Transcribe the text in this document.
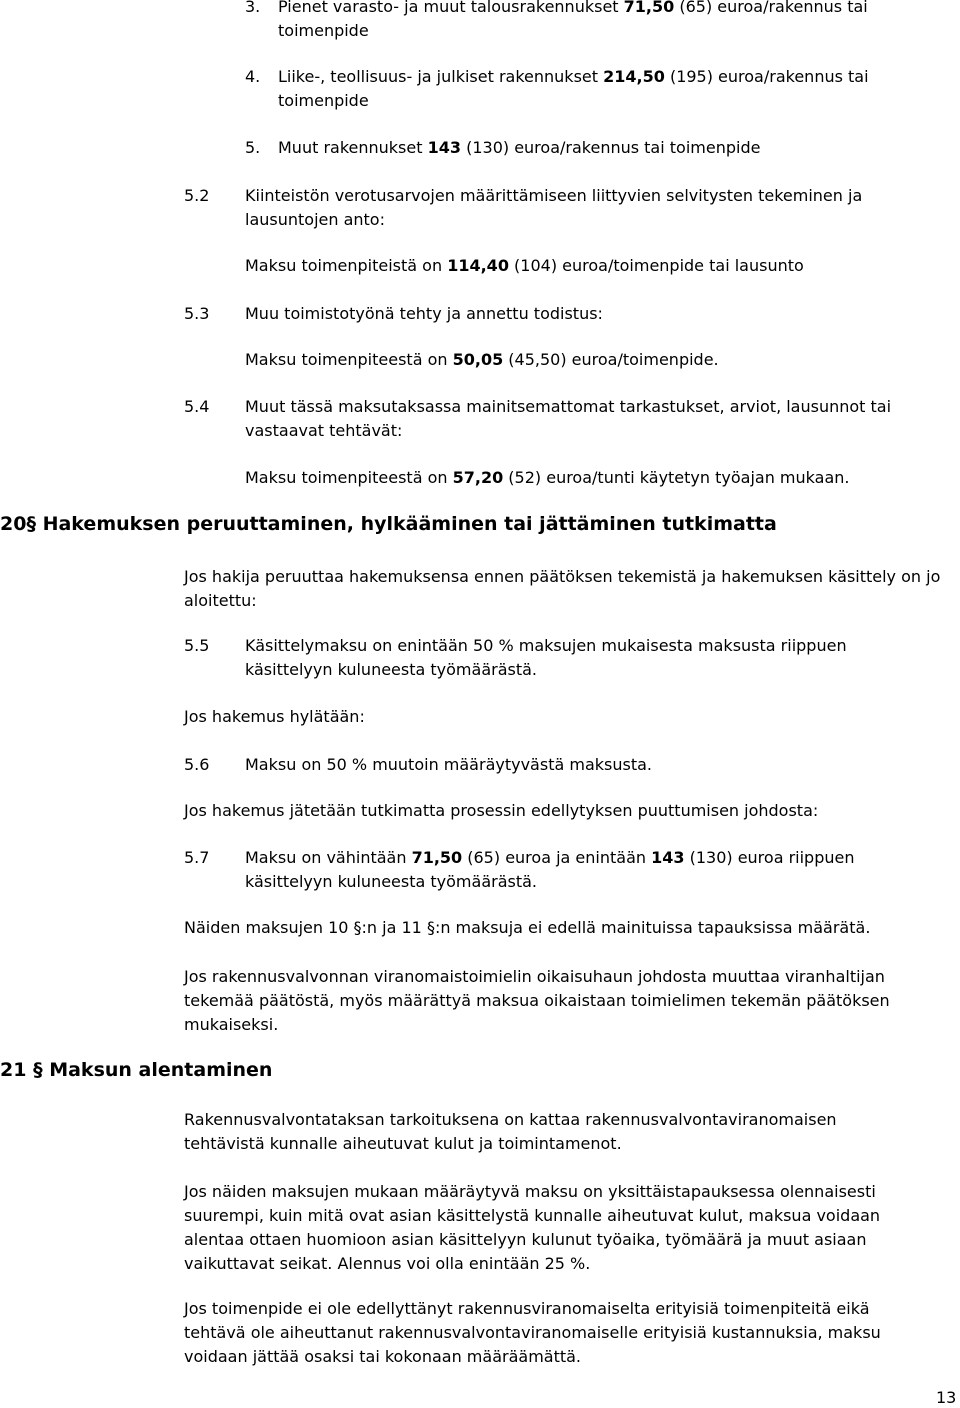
3. Pienet varasto- ja muut talousrakennukset 71,50 (65) euroa/rakennus tai
toimenpide
4. Liike-, teollisuus- ja julkiset rakennukset 214,50 (195) euroa/rakennus tai
toimenpide
5. Muut rakennukset 143 (130) euroa/rakennus tai toimenpide
5.2 Kiinteistön verotusarvojen määrittämiseen liittyvien selvitysten tekeminen ja
lausuntojen anto:
Maksu toimenpiteistä on 114,40 (104) euroa/toimenpide tai lausunto
5.3 Muu toimistotyönä tehty ja annettu todistus:
Maksu toimenpiteestä on 50,05 (45,50) euroa/toimenpide.
5.4 Muut tässä maksutaksassa mainitsemattomat tarkastukset, arviot, lausunnot tai
vastaavat tehtävät:
Maksu toimenpiteestä on 57,20 (52) euroa/tunti käytetyn työajan mukaan.
20§ Hakemuksen peruuttaminen, hylkääminen tai jättäminen tutkimatta
Jos hakija peruuttaa hakemuksensa ennen päätöksen tekemistä ja hakemuksen käsittely on jo aloitettu:
5.5 Käsittelymaksu on enintään 50 % maksujen mukaisesta maksusta riippuen
käsittelyyn kuluneesta työmäärästä.
Jos hakemus hylätään:
5.6 Maksu on 50 % muutoin määräytyvästä maksusta.
Jos hakemus jätetään tutkimatta prosessin edellytyksen puuttumisen johdosta:
5.7 Maksu on vähintään 71,50 (65) euroa ja enintään 143 (130) euroa riippuen
käsittelyyn kuluneesta työmäärästä.
Näiden maksujen 10 §:n ja 11 §:n maksuja ei edellä mainituissa tapauksissa määrätä.
Jos rakennusvalvonnan viranomaistoimielin oikaisuhaun johdosta muuttaa viranhaltijan tekemää päätöstä, myös määrättyä maksua oikaistaan toimielimen tekemän päätöksen mukaiseksi.
21 § Maksun alentaminen
Rakennusvalvontataksan tarkoituksena on kattaa rakennusvalvontaviranomaisen tehtävistä kunnalle aiheutuvat kulut ja toimintamenot.
Jos näiden maksujen mukaan määräytyvä maksu on yksittäistapauksessa olennaisesti suurempi, kuin mitä ovat asian käsittelystä kunnalle aiheutuvat kulut, maksua voidaan alentaa ottaen huomioon asian käsittelyyn kulunut työaika, työmäärä ja muut asiaan vaikuttavat seikat. Alennus voi olla enintään 25 %.
Jos toimenpide ei ole edellyttänyt rakennusviranomaiselta erityisiä toimenpiteitä eikä tehtävä ole aiheuttanut rakennusvalvontaviranomaiselle erityisiä kustannuksia, maksu voidaan jättää osaksi tai kokonaan määräämättä.
13
